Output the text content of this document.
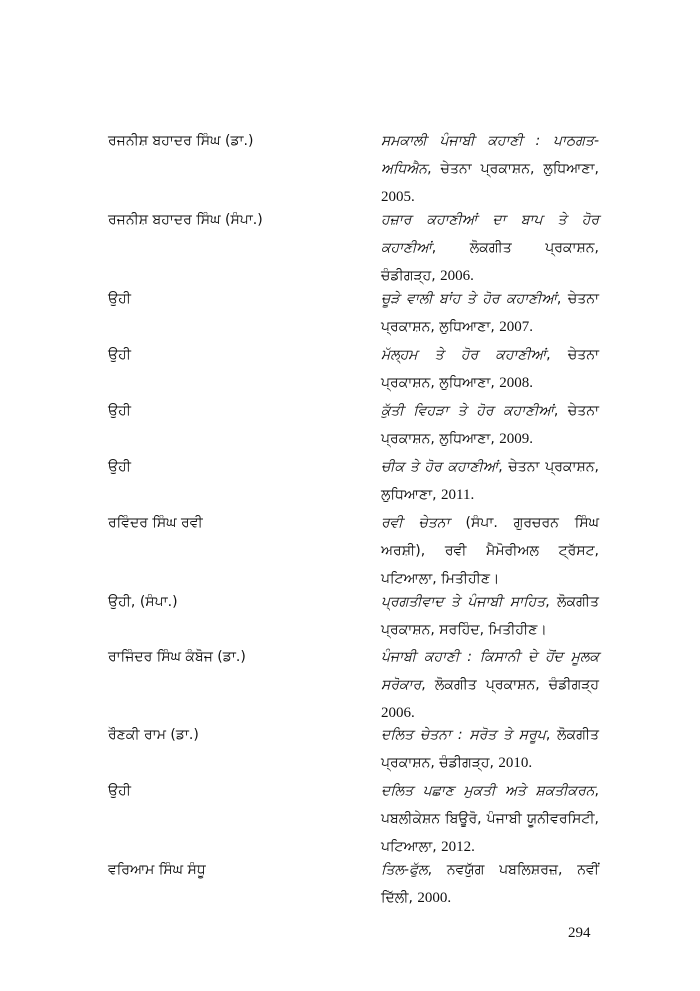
ਰਜਨੀਸ਼ ਬਹਾਦਰ ਸਿੰਘ (ਡਾ.)	ਸਮਕਾਲੀ ਪੰਜਾਬੀ ਕਹਾਣੀ : ਪਾਠਗਤ-ਅਧਿਐਨ, ਚੇਤਨਾ ਪ੍ਰਕਾਸ਼ਨ, ਲੁਧਿਆਣਾ, 2005.
ਰਜਨੀਸ਼ ਬਹਾਦਰ ਸਿੰਘ (ਸੰਪਾ.)	ਹਜ਼ਾਰ ਕਹਾਣੀਆਂ ਦਾ ਬਾਪ ਤੇ ਹੋਰ ਕਹਾਣੀਆਂ, ਲੋਕਗੀਤ ਪ੍ਰਕਾਸ਼ਨ, ਚੰਡੀਗੜ੍ਹ, 2006.
ਉਹੀ	ਚੂੜੇ ਵਾਲੀ ਬਾਂਹ ਤੇ ਹੋਰ ਕਹਾਣੀਆਂ, ਚੇਤਨਾ ਪ੍ਰਕਾਸ਼ਨ, ਲੁਧਿਆਣਾ, 2007.
ਉਹੀ	ਮੱਲ੍ਹਮ ਤੇ ਹੋਰ ਕਹਾਣੀਆਂ, ਚੇਤਨਾ ਪ੍ਰਕਾਸ਼ਨ, ਲੁਧਿਆਣਾ, 2008.
ਉਹੀ	ਕੁੱਤੀ ਵਿਹੜਾ ਤੇ ਹੋਰ ਕਹਾਣੀਆਂ, ਚੇਤਨਾ ਪ੍ਰਕਾਸ਼ਨ, ਲੁਧਿਆਣਾ, 2009.
ਉਹੀ	ਚੀਕ ਤੇ ਹੋਰ ਕਹਾਣੀਆਂ, ਚੇਤਨਾ ਪ੍ਰਕਾਸ਼ਨ, ਲੁਧਿਆਣਾ, 2011.
ਰਵਿੰਦਰ ਸਿੰਘ ਰਵੀ	ਰਵੀ ਚੇਤਨਾ (ਸੰਪਾ. ਗੁਰਚਰਨ ਸਿੰਘ ਅਰਸ਼ੀ), ਰਵੀ ਮੈਮੋਰੀਅਲ ਟ੍ਰੱਸਟ, ਪਟਿਆਲਾ, ਮਿਤੀਹੀਣ।
ਉਹੀ, (ਸੰਪਾ.)	ਪ੍ਰਗਤੀਵਾਦ ਤੇ ਪੰਜਾਬੀ ਸਾਹਿਤ, ਲੋਕਗੀਤ ਪ੍ਰਕਾਸ਼ਨ, ਸਰਹਿੰਦ, ਮਿਤੀਹੀਣ।
ਰਾਜਿੰਦਰ ਸਿੰਘ ਕੰਬੋਜ (ਡਾ.)	ਪੰਜਾਬੀ ਕਹਾਣੀ : ਕਿਸਾਨੀ ਦੇ ਹੋਂਦ ਮੂਲਕ ਸਰੋਕਾਰ, ਲੋਕਗੀਤ ਪ੍ਰਕਾਸ਼ਨ, ਚੰਡੀਗੜ੍ਹ 2006.
ਰੌਣਕੀ ਰਾਮ (ਡਾ.)	ਦਲਿਤ ਚੇਤਨਾ : ਸਰੋਤ ਤੇ ਸਰੂਪ, ਲੋਕਗੀਤ ਪ੍ਰਕਾਸ਼ਨ, ਚੰਡੀਗੜ੍ਹ, 2010.
ਉਹੀ	ਦਲਿਤ ਪਛਾਣ ਮੁਕਤੀ ਅਤੇ ਸ਼ਕਤੀਕਰਨ, ਪਬਲੀਕੇਸ਼ਨ ਬਿਊਰੋ, ਪੰਜਾਬੀ ਯੂਨੀਵਰਸਿਟੀ, ਪਟਿਆਲਾ, 2012.
ਵਰਿਆਮ ਸਿੰਘ ਸੰਧੂ	ਤਿਲ-ਫੁੱਲ, ਨਵਯੁੱਗ ਪਬਲਿਸ਼ਰਜ਼, ਨਵੀਂ ਦਿੱਲੀ, 2000.
294
